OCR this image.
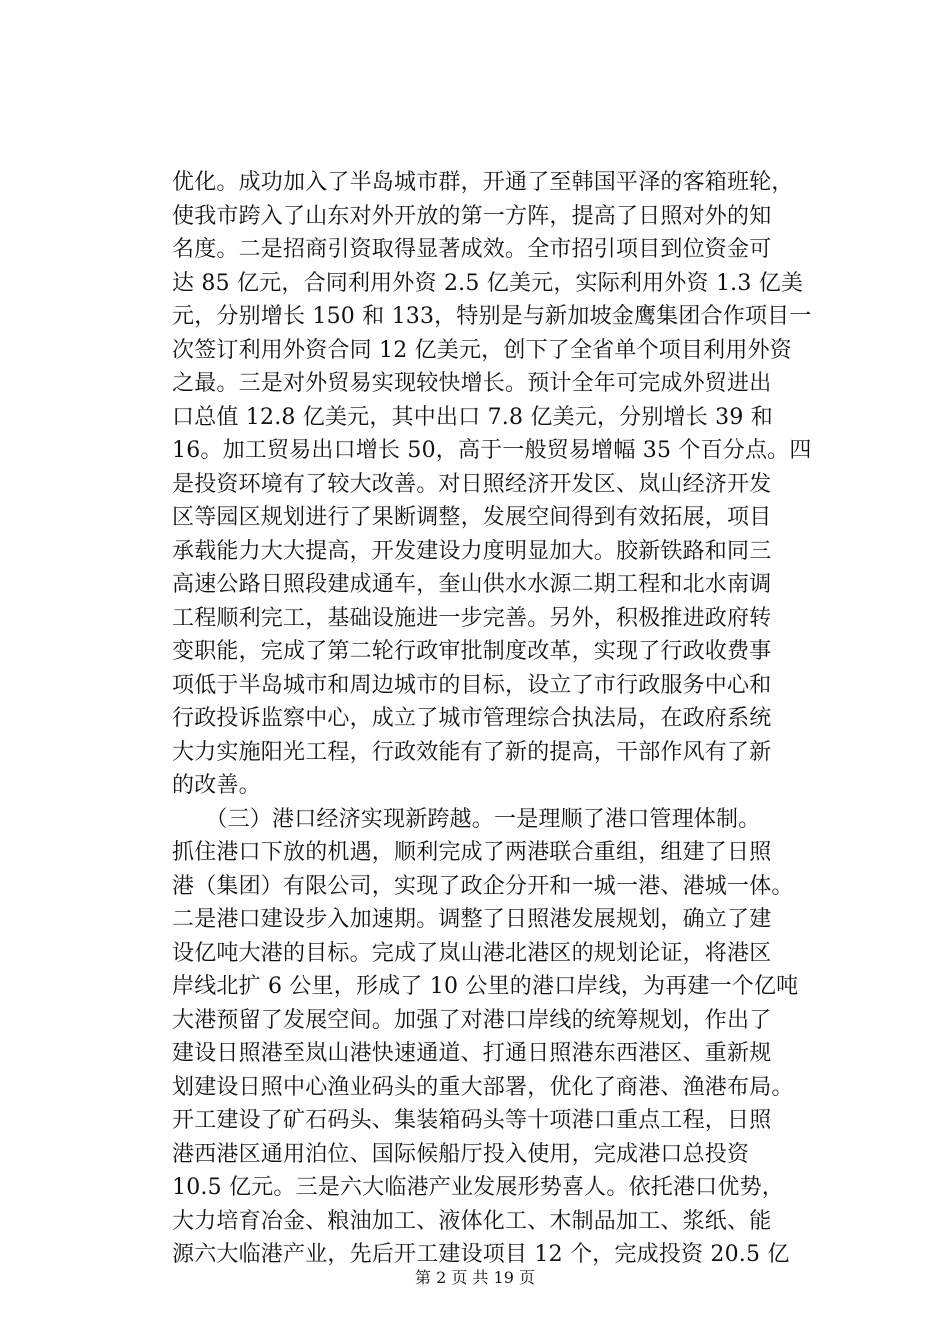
优化。成功加入了半岛城市群，开通了至韩国平泽的客箱班轮，
使我市跨入了山东对外开放的第一方阵，提高了日照对外的知
名度。二是招商引资取得显著成效。全市招引项目到位资金可
达 85 亿元，合同利用外资 2.5 亿美元，实际利用外资 1.3 亿美
元，分别增长 150 和 133，特别是与新加坡金鹰集团合作项目一
次签订利用外资合同 12 亿美元，创下了全省单个项目利用外资
之最。三是对外贸易实现较快增长。预计全年可完成外贸进出
口总值 12.8 亿美元，其中出口 7.8 亿美元，分别增长 39 和
16。加工贸易出口增长 50，高于一般贸易增幅 35 个百分点。四
是投资环境有了较大改善。对日照经济开发区、岚山经济开发
区等园区规划进行了果断调整，发展空间得到有效拓展，项目
承载能力大大提高，开发建设力度明显加大。胶新铁路和同三
高速公路日照段建成通车，奎山供水水源二期工程和北水南调
工程顺利完工，基础设施进一步完善。另外，积极推进政府转
变职能，完成了第二轮行政审批制度改革，实现了行政收费事
项低于半岛城市和周边城市的目标，设立了市行政服务中心和
行政投诉监察中心，成立了城市管理综合执法局，在政府系统
大力实施阳光工程，行政效能有了新的提高，干部作风有了新
的改善。
　　（三）港口经济实现新跨越。一是理顺了港口管理体制。
抓住港口下放的机遇，顺利完成了两港联合重组，组建了日照
港（集团）有限公司，实现了政企分开和一城一港、港城一体。
二是港口建设步入加速期。调整了日照港发展规划，确立了建
设亿吨大港的目标。完成了岚山港北港区的规划论证，将港区
岸线北扩 6 公里，形成了 10 公里的港口岸线，为再建一个亿吨
大港预留了发展空间。加强了对港口岸线的统筹规划，作出了
建设日照港至岚山港快速通道、打通日照港东西港区、重新规
划建设日照中心渔业码头的重大部署，优化了商港、渔港布局。
开工建设了矿石码头、集装箱码头等十项港口重点工程，日照
港西港区通用泊位、国际候船厅投入使用，完成港口总投资
10.5 亿元。三是六大临港产业发展形势喜人。依托港口优势，
大力培育冶金、粮油加工、液体化工、木制品加工、浆纸、能
源六大临港产业，先后开工建设项目 12 个，完成投资 20.5 亿
第 2 页 共 19 页
